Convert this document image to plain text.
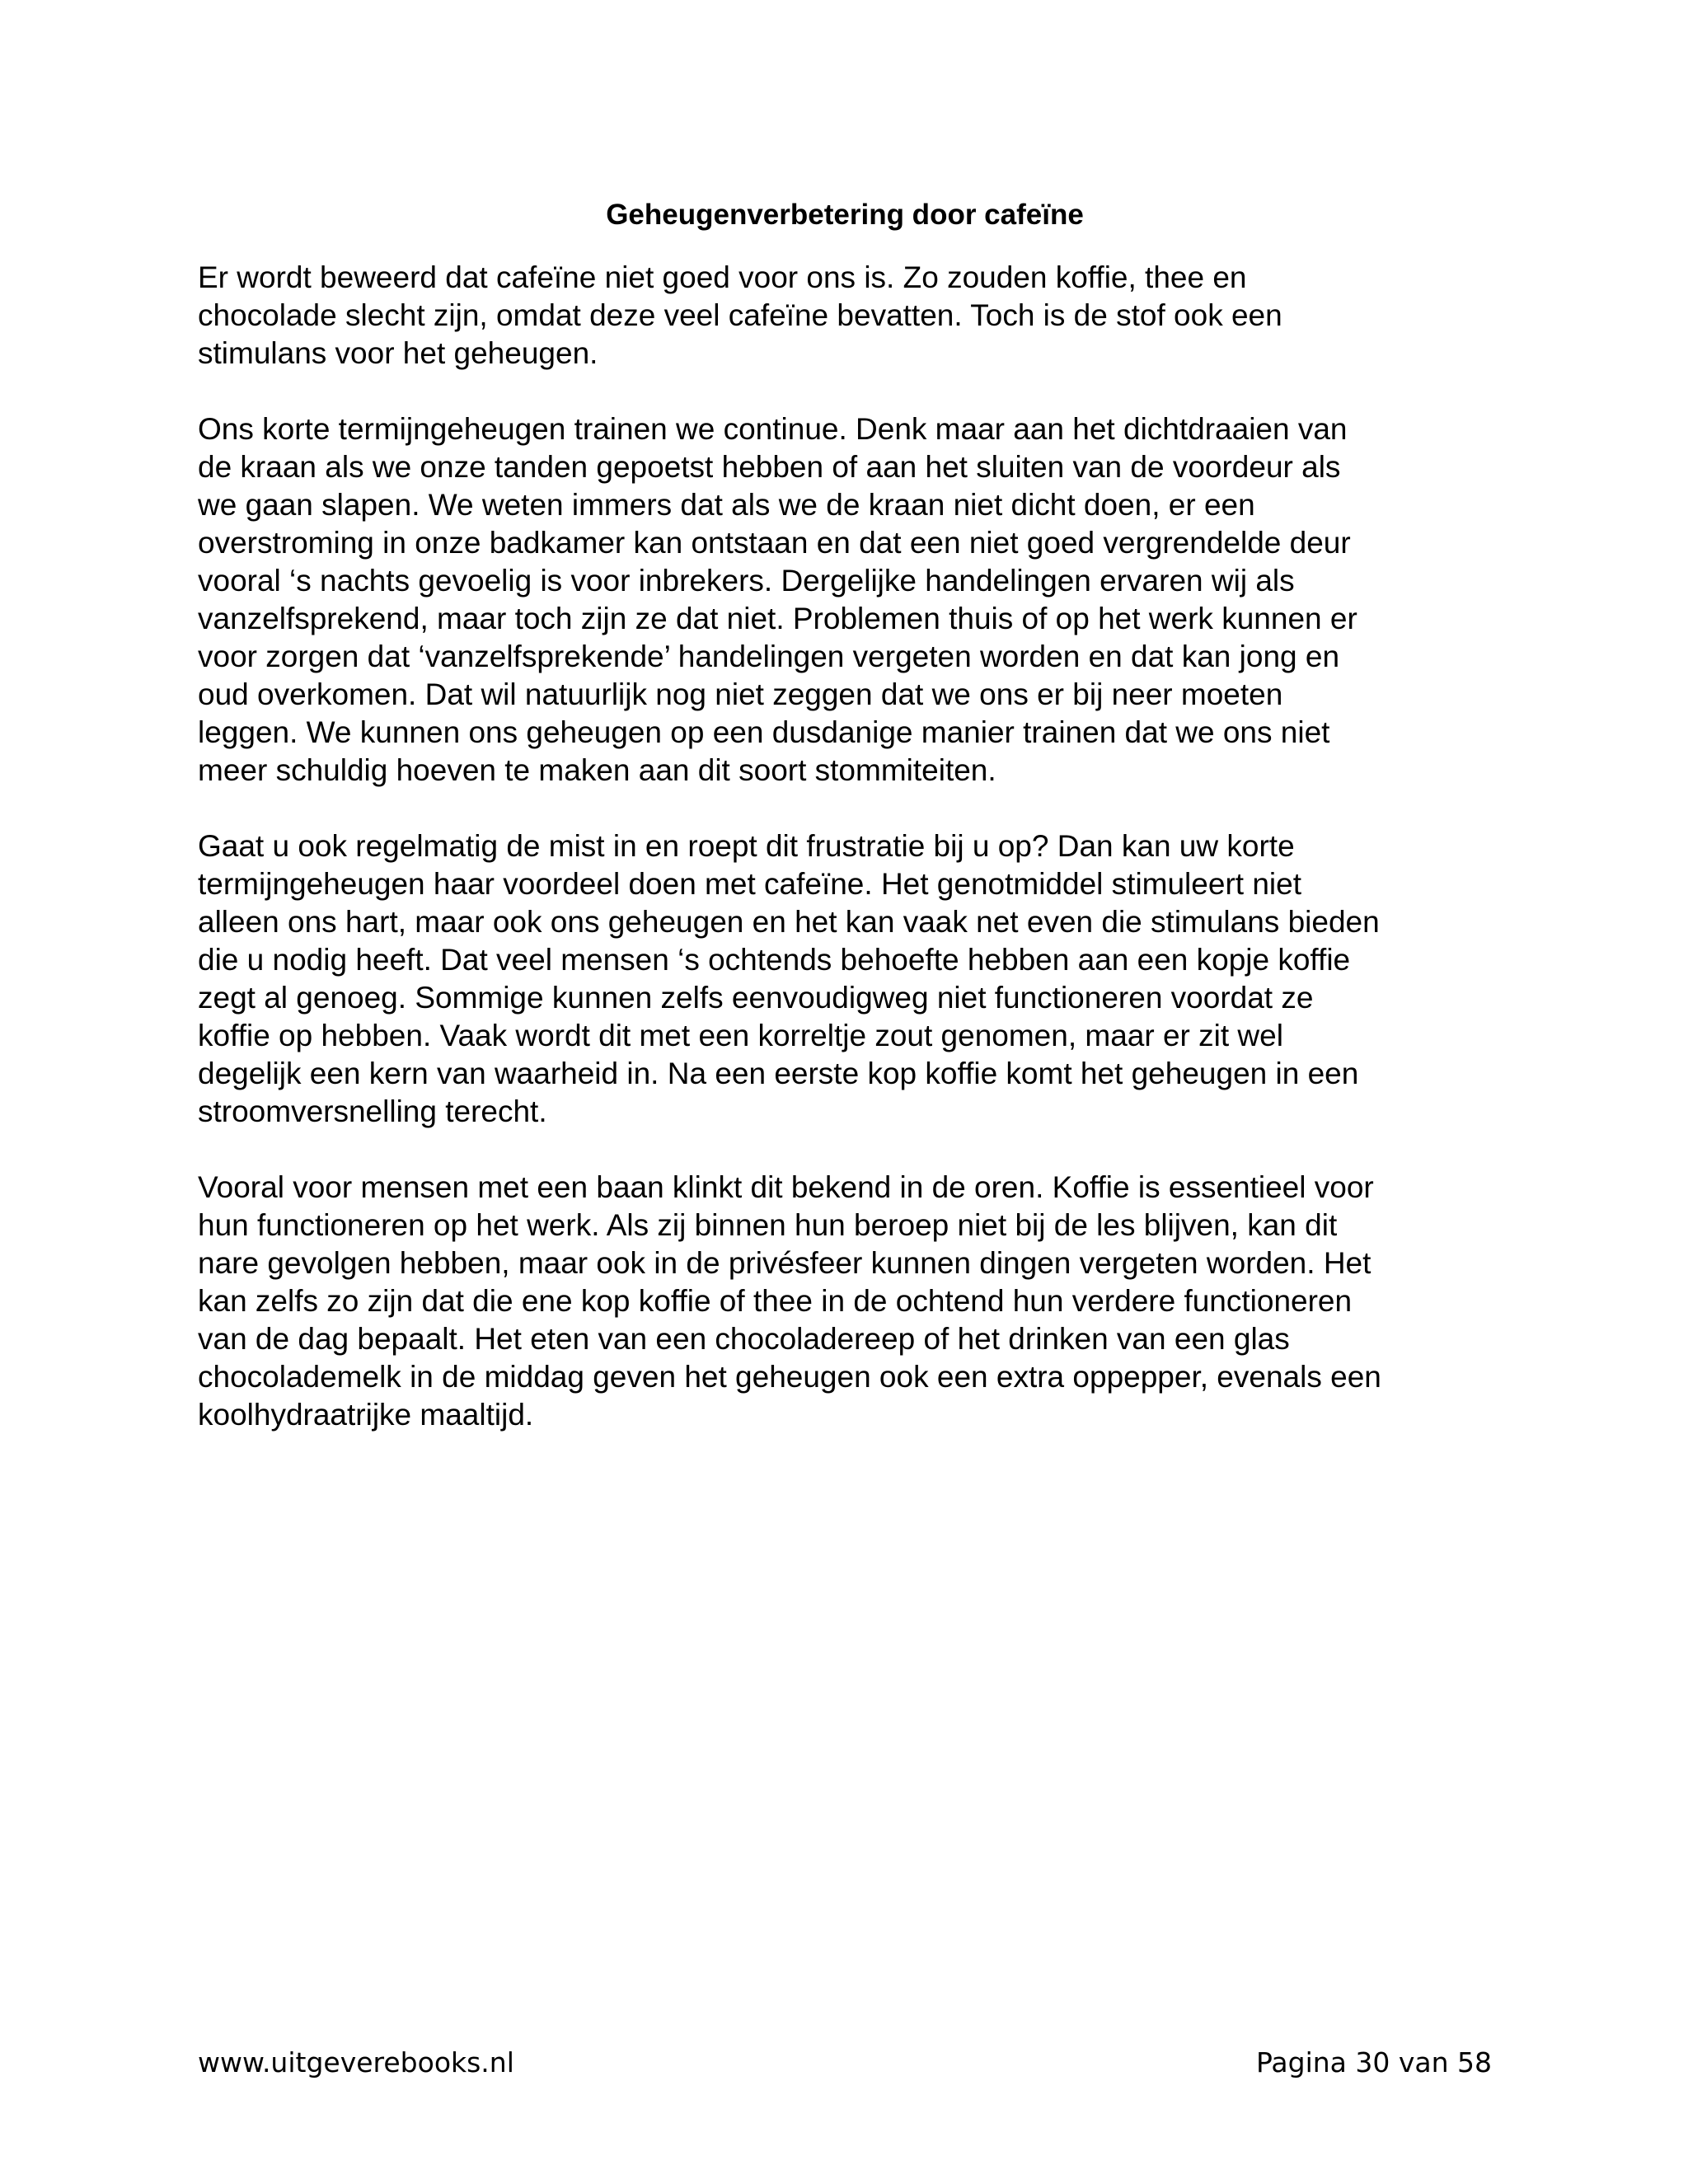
Geheugenverbetering door cafeïne

Er wordt beweerd dat cafeïne niet goed voor ons is. Zo zouden koffie, thee en
chocolade slecht zijn, omdat deze veel cafeïne bevatten. Toch is de stof ook een
stimulans voor het geheugen.

Ons korte termijngeheugen trainen we continue. Denk maar aan het dichtdraaien van
de kraan als we onze tanden gepoetst hebben of aan het sluiten van de voordeur als
we gaan slapen. We weten immers dat als we de kraan niet dicht doen, er een
overstroming in onze badkamer kan ontstaan en dat een niet goed vergrendelde deur
vooral ‘s nachts gevoelig is voor inbrekers. Dergelijke handelingen ervaren wij als
vanzelfsprekend, maar toch zijn ze dat niet. Problemen thuis of op het werk kunnen er
voor zorgen dat ‘vanzelfsprekende’ handelingen vergeten worden en dat kan jong en
oud overkomen. Dat wil natuurlijk nog niet zeggen dat we ons er bij neer moeten
leggen. We kunnen ons geheugen op een dusdanige manier trainen dat we ons niet
meer schuldig hoeven te maken aan dit soort stommiteiten.

Gaat u ook regelmatig de mist in en roept dit frustratie bij u op? Dan kan uw korte
termijngeheugen haar voordeel doen met cafeïne. Het genotmiddel stimuleert niet
alleen ons hart, maar ook ons geheugen en het kan vaak net even die stimulans bieden
die u nodig heeft. Dat veel mensen ‘s ochtends behoefte hebben aan een kopje koffie
zegt al genoeg. Sommige kunnen zelfs eenvoudigweg niet functioneren voordat ze
koffie op hebben. Vaak wordt dit met een korreltje zout genomen, maar er zit wel
degelijk een kern van waarheid in. Na een eerste kop koffie komt het geheugen in een
stroomversnelling terecht.

Vooral voor mensen met een baan klinkt dit bekend in de oren. Koffie is essentieel voor
hun functioneren op het werk. Als zij binnen hun beroep niet bij de les blijven, kan dit
nare gevolgen hebben, maar ook in de privésfeer kunnen dingen vergeten worden. Het
kan zelfs zo zijn dat die ene kop koffie of thee in de ochtend hun verdere functioneren
van de dag bepaalt. Het eten van een chocoladereep of het drinken van een glas
chocolademelk in de middag geven het geheugen ook een extra oppepper, evenals een
koolhydraatrijke maaltijd.

www.uitgeverebooks.nl	Pagina 30 van 58
